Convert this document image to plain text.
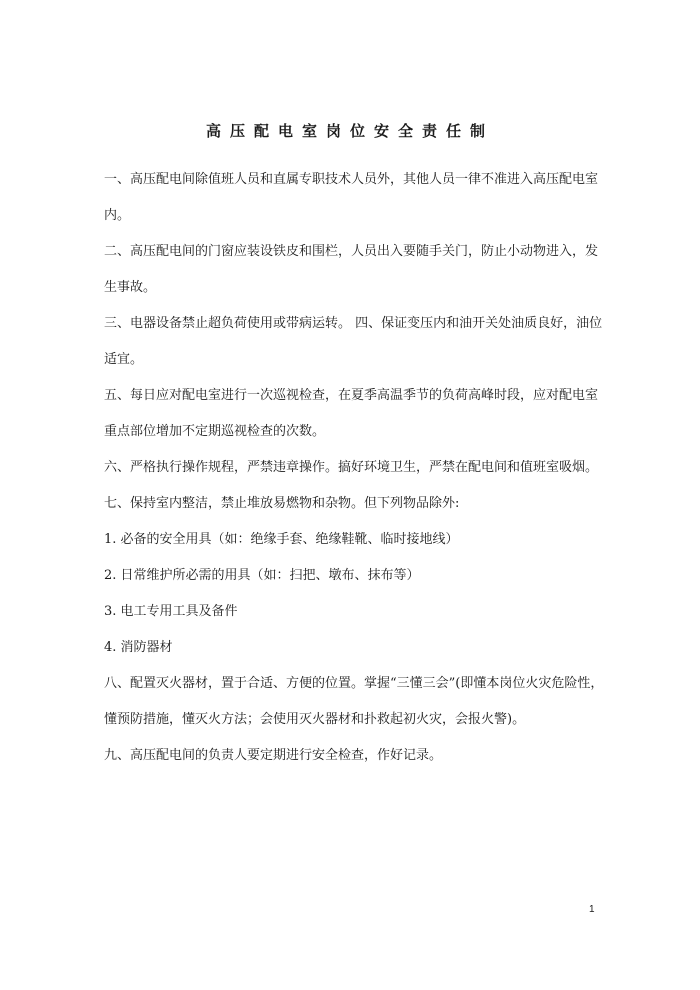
高压配电室岗位安全责任制

一、高压配电间除值班人员和直属专职技术人员外，其他人员一律不准进入高压配电室内。

二、高压配电间的门窗应装设铁皮和围栏，人员出入要随手关门，防止小动物进入，发生事故。

三、电器设备禁止超负荷使用或带病运转。 四、保证变压内和油开关处油质良好，油位适宜。

五、每日应对配电室进行一次巡视检查，在夏季高温季节的负荷高峰时段，应对配电室重点部位增加不定期巡视检查的次数。

六、严格执行操作规程，严禁违章操作。搞好环境卫生，严禁在配电间和值班室吸烟。

七、保持室内整洁，禁止堆放易燃物和杂物。但下列物品除外:

1. 必备的安全用具（如：绝缘手套、绝缘鞋靴、临时接地线）

2. 日常维护所必需的用具（如：扫把、墩布、抹布等）

3. 电工专用工具及备件

4. 消防器材

八、配置灭火器材，置于合适、方便的位置。掌握“三懂三会”(即懂本岗位火灾危险性，懂预防措施，懂灭火方法；会使用灭火器材和扑救起初火灾，会报火警)。

九、高压配电间的负责人要定期进行安全检查，作好记录。

1
